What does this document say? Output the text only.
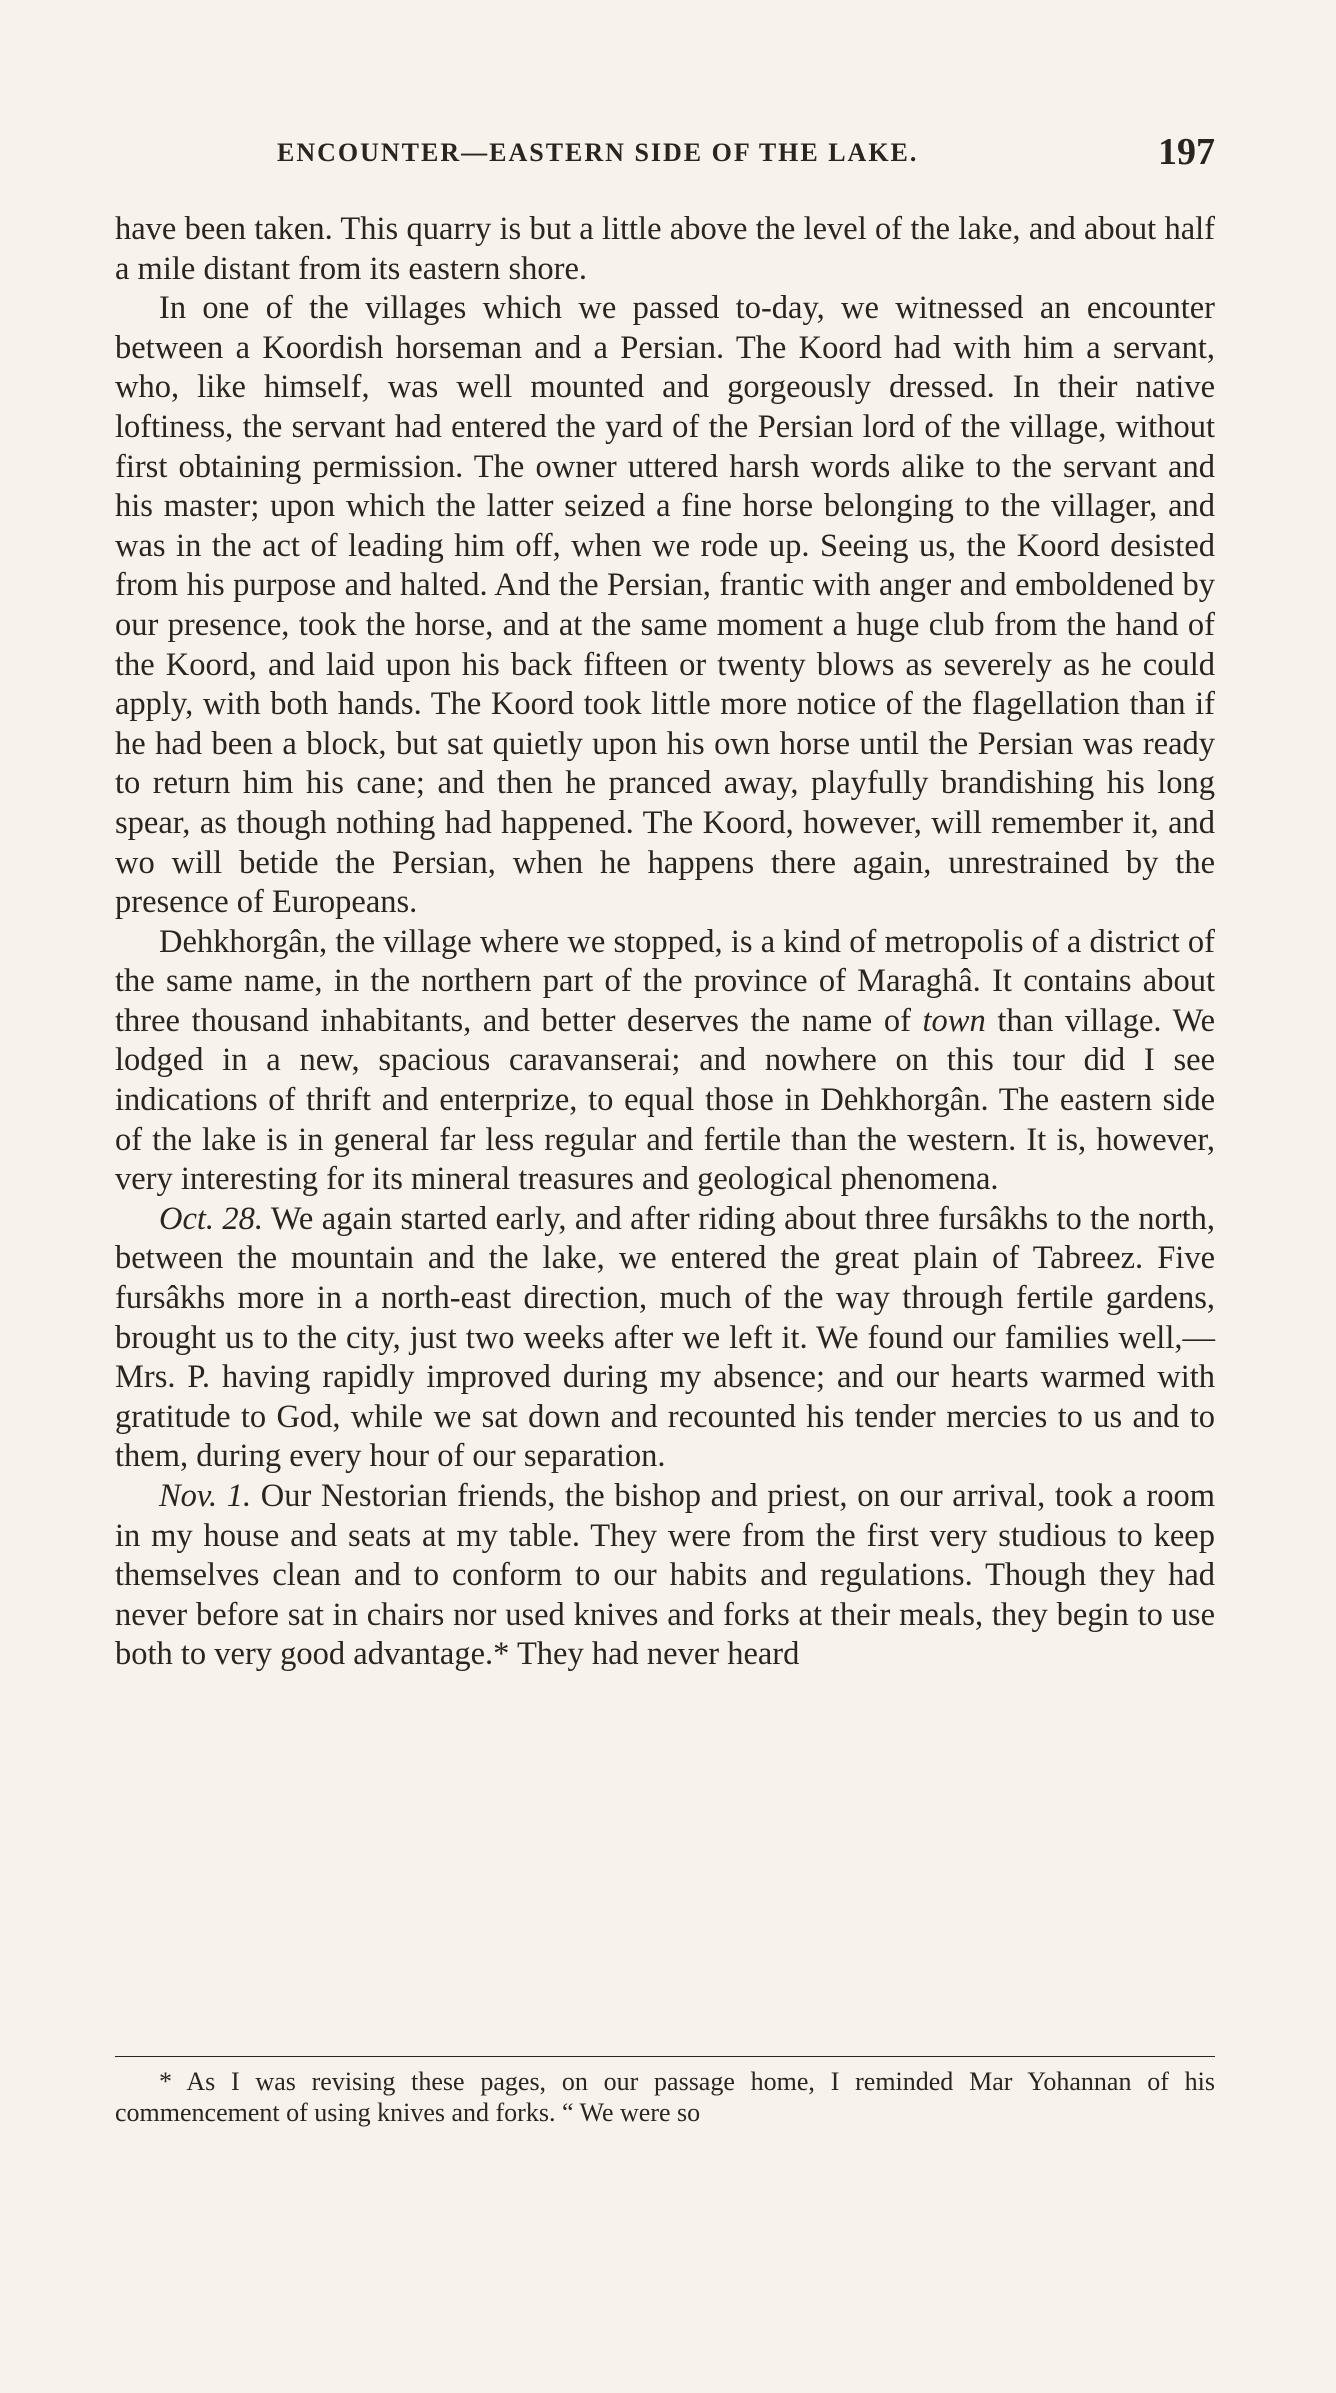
ENCOUNTER—EASTERN SIDE OF THE LAKE.	197

have been taken. This quarry is but a little above the level of the lake, and about half a mile distant from its eastern shore.

In one of the villages which we passed to-day, we witnessed an encounter between a Koordish horseman and a Persian. The Koord had with him a servant, who, like himself, was well mounted and gorgeously dressed. In their native loftiness, the servant had entered the yard of the Persian lord of the village, without first obtaining permission. The owner uttered harsh words alike to the servant and his master; upon which the latter seized a fine horse belonging to the villager, and was in the act of leading him off, when we rode up. Seeing us, the Koord desisted from his purpose and halted. And the Persian, frantic with anger and emboldened by our presence, took the horse, and at the same moment a huge club from the hand of the Koord, and laid upon his back fifteen or twenty blows as severely as he could apply, with both hands. The Koord took little more notice of the flagellation than if he had been a block, but sat quietly upon his own horse until the Persian was ready to return him his cane; and then he pranced away, playfully brandishing his long spear, as though nothing had happened. The Koord, however, will remember it, and wo will betide the Persian, when he happens there again, unrestrained by the presence of Europeans.

Dehkhorgân, the village where we stopped, is a kind of metropolis of a district of the same name, in the northern part of the province of Maraghâ. It contains about three thousand inhabitants, and better deserves the name of town than village. We lodged in a new, spacious caravanserai; and nowhere on this tour did I see indications of thrift and enterprize, to equal those in Dehkhorgân. The eastern side of the lake is in general far less regular and fertile than the western. It is, however, very interesting for its mineral treasures and geological phenomena.

Oct. 28. We again started early, and after riding about three fursâkhs to the north, between the mountain and the lake, we entered the great plain of Tabreez. Five fursâkhs more in a north-east direction, much of the way through fertile gardens, brought us to the city, just two weeks after we left it. We found our families well,—Mrs. P. having rapidly improved during my absence; and our hearts warmed with gratitude to God, while we sat down and recounted his tender mercies to us and to them, during every hour of our separation.

Nov. 1. Our Nestorian friends, the bishop and priest, on our arrival, took a room in my house and seats at my table. They were from the first very studious to keep themselves clean and to conform to our habits and regulations. Though they had never before sat in chairs nor used knives and forks at their meals, they begin to use both to very good advantage.* They had never heard

* As I was revising these pages, on our passage home, I reminded Mar Yohannan of his commencement of using knives and forks. “ We were so
